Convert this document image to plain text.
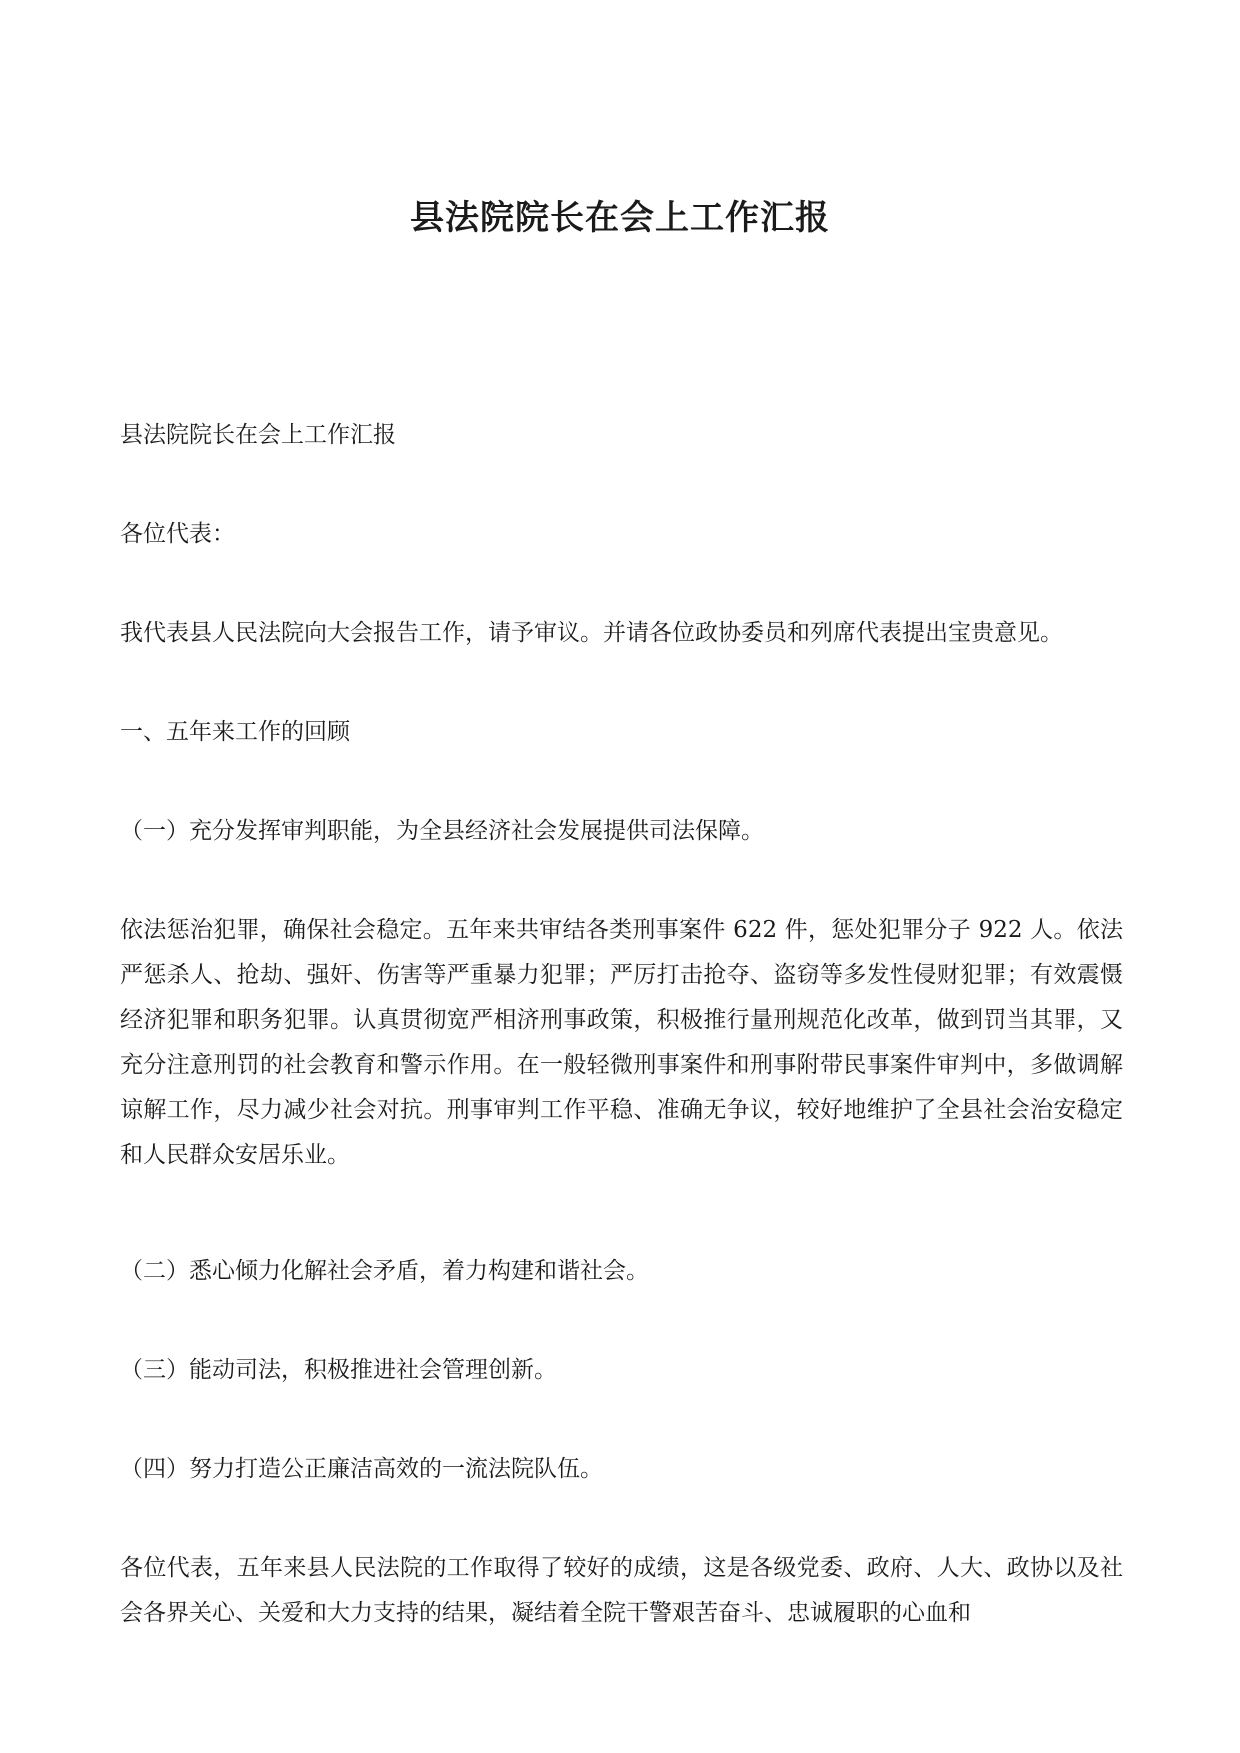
县法院院长在会上工作汇报

县法院院长在会上工作汇报

各位代表：

我代表县人民法院向大会报告工作，请予审议。并请各位政协委员和列席代表提出宝贵意见。

一、五年来工作的回顾

（一）充分发挥审判职能，为全县经济社会发展提供司法保障。

依法惩治犯罪，确保社会稳定。五年来共审结各类刑事案件 622 件，惩处犯罪分子 922 人。依法严惩杀人、抢劫、强奸、伤害等严重暴力犯罪；严厉打击抢夺、盗窃等多发性侵财犯罪；有效震慑经济犯罪和职务犯罪。认真贯彻宽严相济刑事政策，积极推行量刑规范化改革，做到罚当其罪，又充分注意刑罚的社会教育和警示作用。在一般轻微刑事案件和刑事附带民事案件审判中，多做调解谅解工作，尽力减少社会对抗。刑事审判工作平稳、准确无争议，较好地维护了全县社会治安稳定和人民群众安居乐业。

（二）悉心倾力化解社会矛盾，着力构建和谐社会。

（三）能动司法，积极推进社会管理创新。

（四）努力打造公正廉洁高效的一流法院队伍。

各位代表，五年来县人民法院的工作取得了较好的成绩，这是各级党委、政府、人大、政协以及社会各界关心、关爱和大力支持的结果，凝结着全院干警艰苦奋斗、忠诚履职的心血和
